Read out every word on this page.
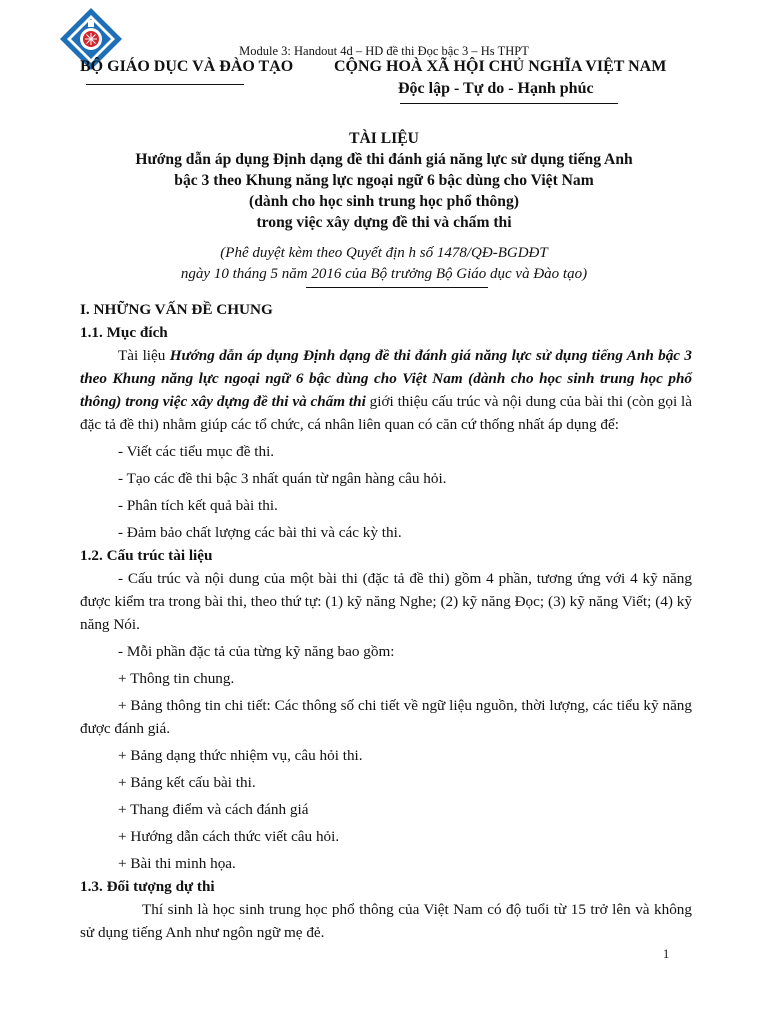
Module 3: Handout 4d – HD đề thi Đọc bậc 3 – Hs THPT
BỘ GIÁO DỤC VÀ ĐÀO TẠO	CỘNG HOÀ XÃ HỘI CHỦ NGHĨA VIỆT NAM
Độc lập - Tự do - Hạnh phúc
TÀI LIỆU
Hướng dẫn áp dụng Định dạng đề thi đánh giá năng lực sử dụng tiếng Anh
bậc 3 theo Khung năng lực ngoại ngữ 6 bậc dùng cho Việt Nam
(dành cho học sinh trung học phổ thông)
trong việc xây dựng đề thi và chấm thi
(Phê duyệt kèm theo Quyết địn h số 1478/QĐ-BGDĐT
ngày 10 tháng 5 năm 2016 của Bộ trưởng Bộ Giáo dục và Đào tạo)

I. NHỮNG VẤN ĐỀ CHUNG

1.1. Mục đích

Tài liệu Hướng dẫn áp dụng Định dạng đề thi đánh giá năng lực sử dụng tiếng Anh bậc 3 theo Khung năng lực ngoại ngữ 6 bậc dùng cho Việt Nam (dành cho học sinh trung học phổ thông) trong việc xây dựng đề thi và chấm thi giới thiệu cấu trúc và nội dung của bài thi (còn gọi là đặc tả đề thi) nhằm giúp các tổ chức, cá nhân liên quan có căn cứ thống nhất áp dụng để:

- Viết các tiểu mục đề thi.

- Tạo các đề thi bậc 3 nhất quán từ ngân hàng câu hỏi.

- Phân tích kết quả bài thi.

- Đảm bảo chất lượng các bài thi và các kỳ thi.

1.2. Cấu trúc tài liệu

- Cấu trúc và nội dung của một bài thi (đặc tả đề thi) gồm 4 phần, tương ứng với 4 kỹ năng được kiểm tra trong bài thi, theo thứ tự: (1) kỹ năng Nghe; (2) kỹ năng Đọc; (3) kỹ năng Viết; (4) kỹ năng Nói.

- Mỗi phần đặc tả của từng kỹ năng bao gồm:

+ Thông tin chung.

+ Bảng thông tin chi tiết: Các thông số chi tiết về ngữ liệu nguồn, thời lượng, các tiểu kỹ năng được đánh giá.

+ Bảng dạng thức nhiệm vụ, câu hỏi thi.

+ Bảng kết cấu bài thi.

+ Thang điểm và cách đánh giá

+ Hướng dẫn cách thức viết câu hỏi.

+ Bài thi minh họa.

1.3. Đối tượng dự thi

Thí sinh là học sinh trung học phổ thông của Việt Nam có độ tuổi từ 15 trở lên và không sử dụng tiếng Anh như ngôn ngữ mẹ đẻ.

1
